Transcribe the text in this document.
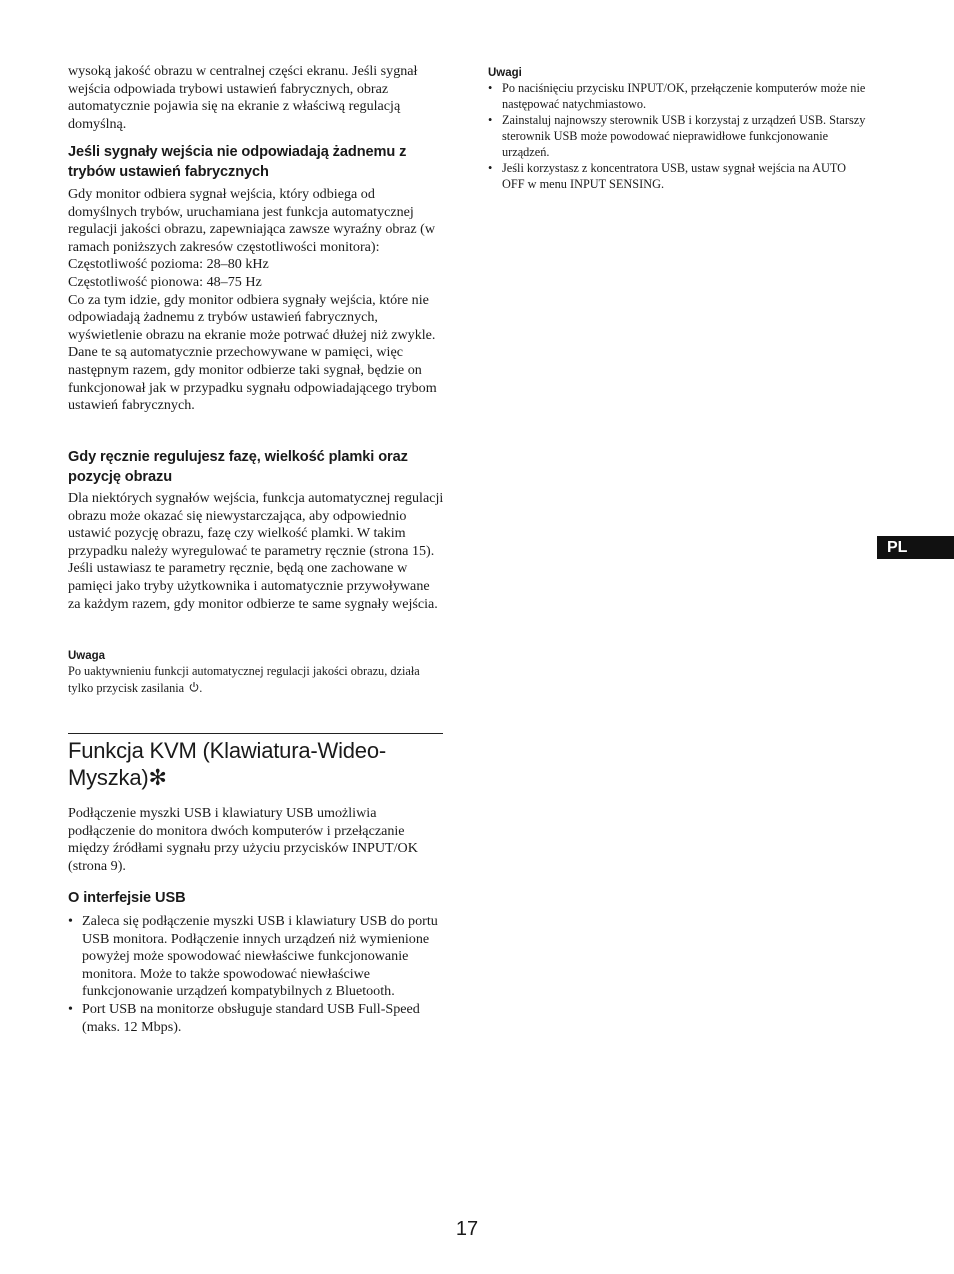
wysoką jakość obrazu w centralnej części ekranu. Jeśli sygnał wejścia odpowiada trybowi ustawień fabrycznych, obraz automatycznie pojawia się na ekranie z właściwą regulacją domyślną.

Jeśli sygnały wejścia nie odpowiadają żadnemu z trybów ustawień fabrycznych

Gdy monitor odbiera sygnał wejścia, który odbiega od domyślnych trybów, uruchamiana jest funkcja automatycznej regulacji jakości obrazu, zapewniająca zawsze wyraźny obraz (w ramach poniższych zakresów częstotliwości monitora):
Częstotliwość pozioma: 28–80 kHz
Częstotliwość pionowa: 48–75 Hz
Co za tym idzie, gdy monitor odbiera sygnały wejścia, które nie odpowiadają żadnemu z trybów ustawień fabrycznych, wyświetlenie obrazu na ekranie może potrwać dłużej niż zwykle. Dane te są automatycznie przechowywane w pamięci, więc następnym razem, gdy monitor odbierze taki sygnał, będzie on funkcjonował jak w przypadku sygnału odpowiadającego trybom ustawień fabrycznych.

Gdy ręcznie regulujesz fazę, wielkość plamki oraz pozycję obrazu

Dla niektórych sygnałów wejścia, funkcja automatycznej regulacji obrazu może okazać się niewystarczająca, aby odpowiednio ustawić pozycję obrazu, fazę czy wielkość plamki. W takim przypadku należy wyregulować te parametry ręcznie (strona 15). Jeśli ustawiasz te parametry ręcznie, będą one zachowane w pamięci jako tryby użytkownika i automatycznie przywoływane za każdym razem, gdy monitor odbierze te same sygnały wejścia.

Uwaga

Po uaktywnieniu funkcji automatycznej regulacji jakości obrazu, działa tylko przycisk zasilania .

Funkcja KVM (Klawiatura-Wideo-Myszka)✻

Podłączenie myszki USB i klawiatury USB umożliwia podłączenie do monitora dwóch komputerów i przełączanie między źródłami sygnału przy użyciu przycisków INPUT/OK (strona 9).

O interfejsie USB
• Zaleca się podłączenie myszki USB i klawiatury USB do portu USB monitora. Podłączenie innych urządzeń niż wymienione powyżej może spowodować niewłaściwe funkcjonowanie monitora. Może to także spowodować niewłaściwe funkcjonowanie urządzeń kompatybilnych z Bluetooth.
• Port USB na monitorze obsługuje standard USB Full-Speed (maks. 12 Mbps).
Uwagi
• Po naciśnięciu przycisku INPUT/OK, przełączenie komputerów może nie następować natychmiastowo.
• Zainstaluj najnowszy sterownik USB i korzystaj z urządzeń USB. Starszy sterownik USB może powodować nieprawidłowe funkcjonowanie urządzeń.
• Jeśli korzystasz z koncentratora USB, ustaw sygnał wejścia na AUTO OFF w menu INPUT SENSING.
PL
17
